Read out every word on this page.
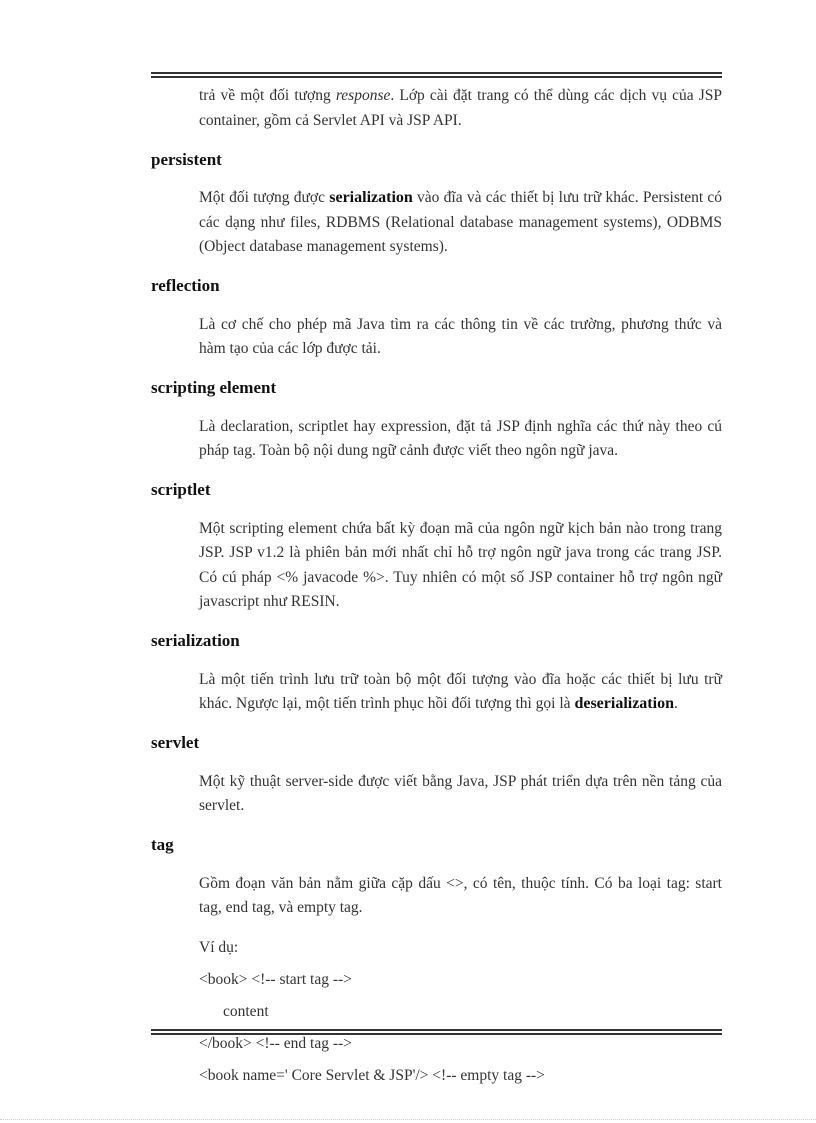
trả về một đối tượng response. Lớp cài đặt trang có thể dùng các dịch vụ của JSP container, gồm cả Servlet API và JSP API.

persistent

Một đối tượng được serialization vào đĩa và các thiết bị lưu trữ khác. Persistent có các dạng như files, RDBMS (Relational database management systems), ODBMS (Object database management systems).

reflection

Là cơ chế cho phép mã Java tìm ra các thông tin về các trường, phương thức và hàm tạo của các lớp được tải.

scripting element

Là declaration, scriptlet hay expression, đặt tả JSP định nghĩa các thứ này theo cú pháp tag. Toàn bộ nội dung ngữ cảnh được viết theo ngôn ngữ java.

scriptlet

Một scripting element chứa bất kỳ đoạn mã của ngôn ngữ kịch bản nào trong trang JSP. JSP v1.2 là phiên bản mới nhất chỉ hỗ trợ ngôn ngữ java trong các trang JSP. Có cú pháp <% javacode %>. Tuy nhiên có một số JSP container hỗ trợ ngôn ngữ javascript như RESIN.

serialization

Là một tiến trình lưu trữ toàn bộ một đối tượng vào đĩa hoặc các thiết bị lưu trữ khác. Ngược lại, một tiến trình phục hồi đối tượng thì gọi là deserialization.

servlet

Một kỹ thuật server-side được viết bằng Java, JSP phát triển dựa trên nền tảng của servlet.

tag

Gồm đoạn văn bản nằm giữa cặp dấu <>, có tên, thuộc tính. Có ba loại tag: start tag, end tag, và empty tag.

Ví dụ:
<book> <!-- start tag -->
content
</book> <!-- end tag -->
<book name=' Core Servlet & JSP'/> <!-- empty tag -->
